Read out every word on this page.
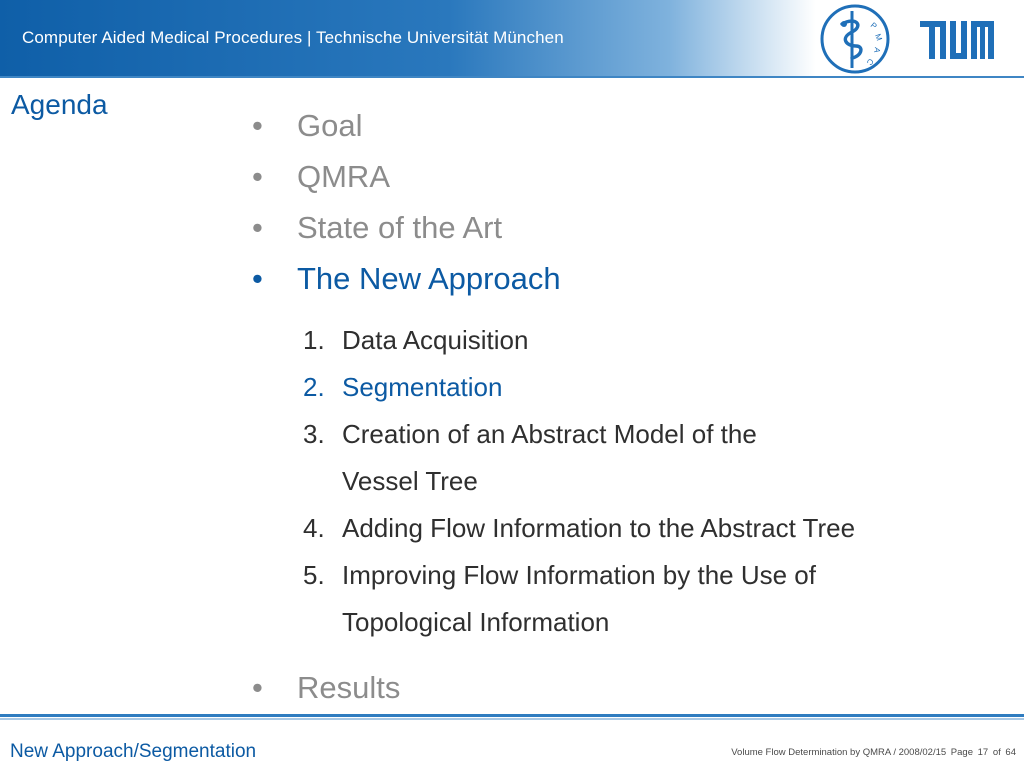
Computer Aided Medical Procedures | Technische Universität München
P
M
A
C
Agenda
• Goal
• QMRA
• State of the Art
• The New Approach
• Results
1. Data Acquisition
2. Segmentation
3. Creation of an Abstract Model of the
Vessel Tree
4. Adding Flow Information to the Abstract Tree
5. Improving Flow Information by the Use of
Topological Information
New Approach/Segmentation	Volume Flow Determination by QMRA / 2008/02/15 Page 17 of 64
